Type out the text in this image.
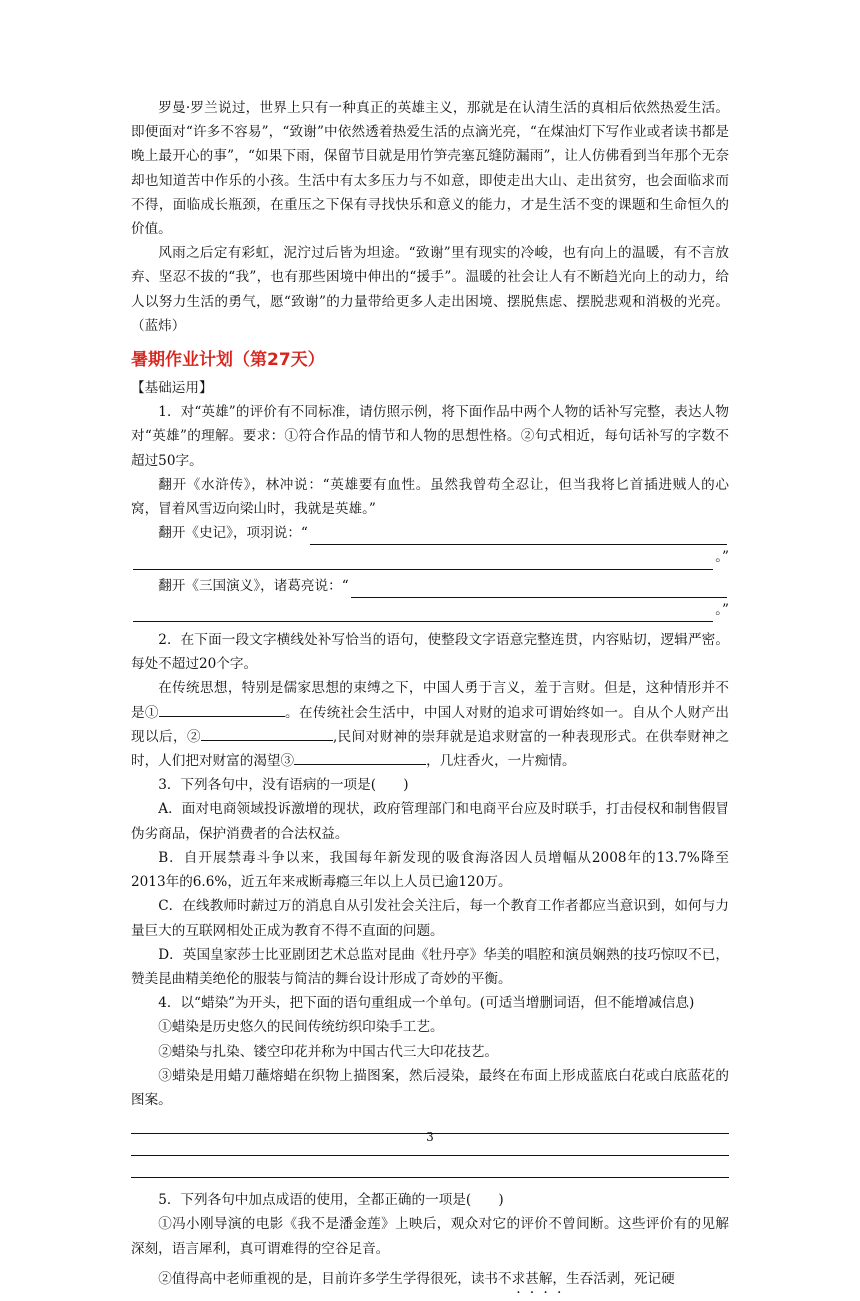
罗曼·罗兰说过，世界上只有一种真正的英雄主义，那就是在认清生活的真相后依然热爱生活。即便面对“许多不容易”，“致谢”中依然透着热爱生活的点滴光亮，“在煤油灯下写作业或者读书都是晚上最开心的事”，“如果下雨，保留节目就是用竹笋壳塞瓦缝防漏雨”，让人仿佛看到当年那个无奈却也知道苦中作乐的小孩。生活中有太多压力与不如意，即使走出大山、走出贫穷，也会面临求而不得，面临成长瓶颈，在重压之下保有寻找快乐和意义的能力，才是生活不变的课题和生命恒久的价值。

风雨之后定有彩虹，泥泞过后皆为坦途。“致谢”里有现实的冷峻，也有向上的温暖，有不言放弃、坚忍不拔的“我”，也有那些困境中伸出的“援手”。温暖的社会让人有不断趋光向上的动力，给人以努力生活的勇气，愿“致谢”的力量带给更多人走出困境、摆脱焦虑、摆脱悲观和消极的光亮。（蓝炜）

暑期作业计划（第27天）

【基础运用】

1．对“英雄”的评价有不同标准，请仿照示例，将下面作品中两个人物的话补写完整，表达人物对“英雄”的理解。要求：①符合作品的情节和人物的思想性格。②句式相近，每句话补写的字数不超过50字。

翻开《水浒传》，林冲说：“英雄要有血性。虽然我曾苟全忍让，但当我将匕首插进贼人的心窝，冒着风雪迈向梁山时，我就是英雄。”

翻开《史记》，项羽说：“
。”
翻开《三国演义》，诸葛亮说：“
。”

2．在下面一段文字横线处补写恰当的语句，使整段文字语意完整连贯，内容贴切，逻辑严密。每处不超过20个字。

在传统思想，特别是儒家思想的束缚之下，中国人勇于言义，羞于言财。但是，这种情形并不是①	。在传统社会生活中，中国人对财的追求可谓始终如一。自从个人财产出现以后，②	,民间对财神的崇拜就是追求财富的一种表现形式。在供奉财神之时，人们把对财富的渴望③	，几炷香火，一片痴情。

3．下列各句中，没有语病的一项是(　　)

A．面对电商领域投诉激增的现状，政府管理部门和电商平台应及时联手，打击侵权和制售假冒伪劣商品，保护消费者的合法权益。

B．自开展禁毒斗争以来，我国每年新发现的吸食海洛因人员增幅从2008年的13.7%降至2013年的6.6%，近五年来戒断毒瘾三年以上人员已逾120万。

C．在线教师时薪过万的消息自从引发社会关注后，每一个教育工作者都应当意识到，如何与力量巨大的互联网相处正成为教育不得不直面的问题。

D．英国皇家莎士比亚剧团艺术总监对昆曲《牡丹亭》华美的唱腔和演员娴熟的技巧惊叹不已，赞美昆曲精美绝伦的服装与简洁的舞台设计形成了奇妙的平衡。

4．以“蜡染”为开头，把下面的语句重组成一个单句。(可适当增删词语，但不能增减信息)

①蜡染是历史悠久的民间传统纺织印染手工艺。

②蜡染与扎染、镂空印花并称为中国古代三大印花技艺。

③蜡染是用蜡刀蘸熔蜡在织物上描图案，然后浸染，最终在布面上形成蓝底白花或白底蓝花的图案。

5．下列各句中加点成语的使用，全都正确的一项是(　　)

①冯小刚导演的电影《我不是潘金莲》上映后，观众对它的评价不曾间断。这些评价有的见解深刻，语言犀利，真可谓难得的空谷足音。

②值得高中老师重视的是，目前许多学生学得很死，读书不求甚解，生吞活剥，死记硬

3
